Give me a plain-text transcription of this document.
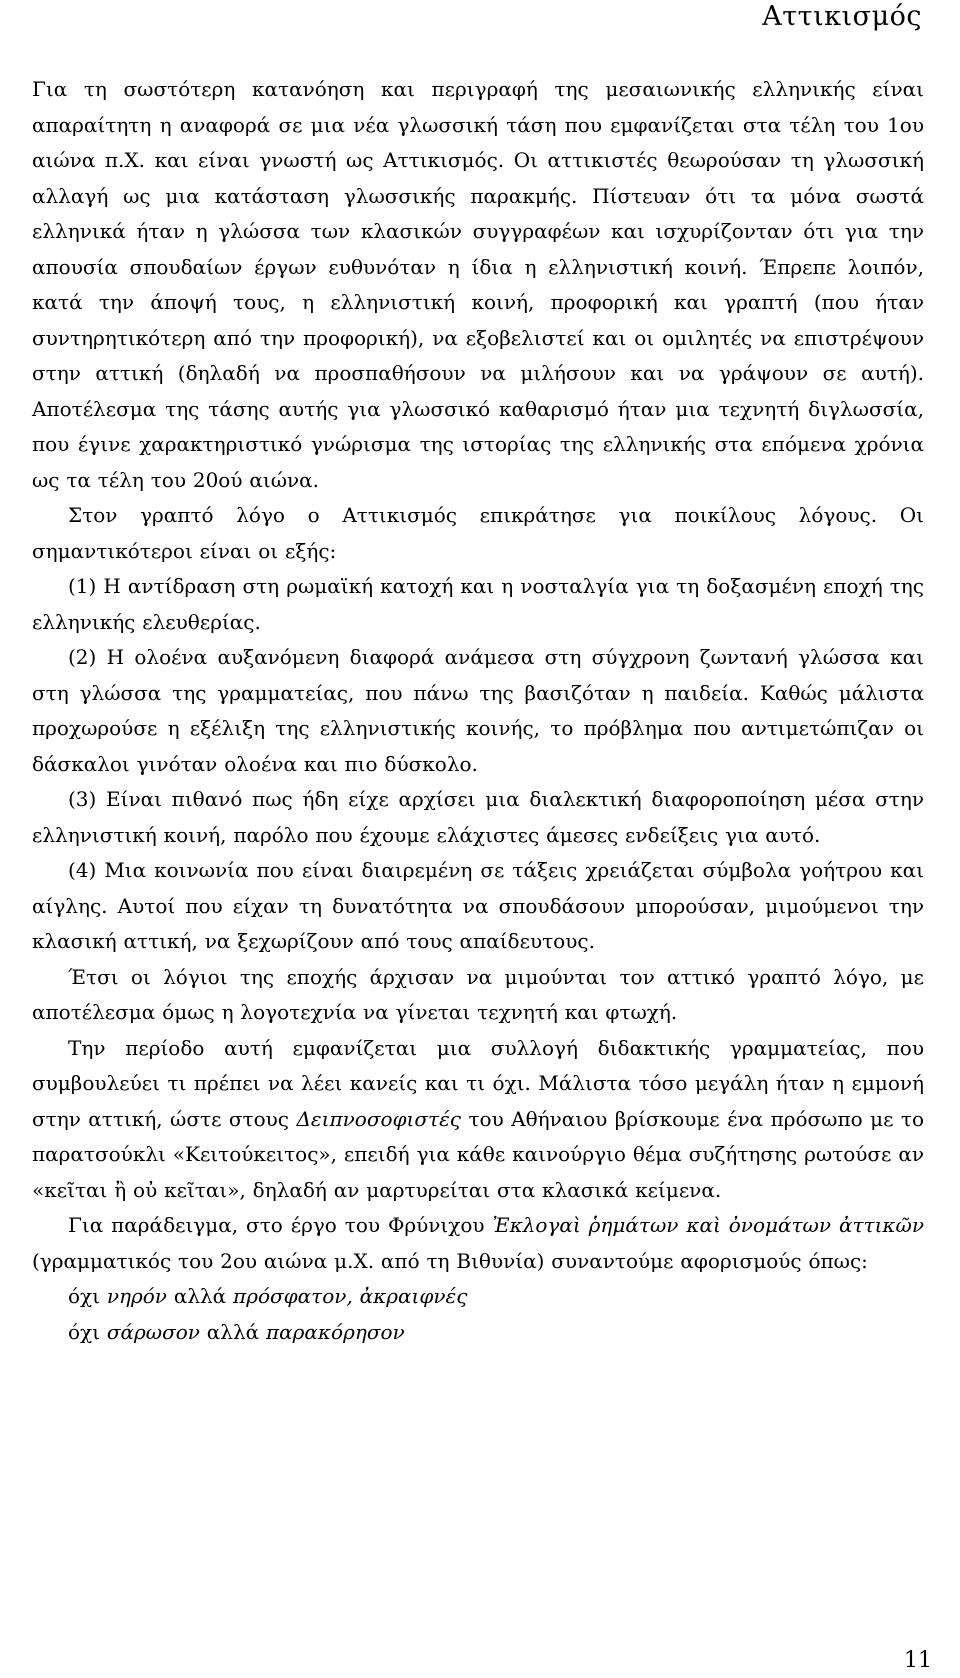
Αττικισμός

Για τη σωστότερη κατανόηση και περιγραφή της μεσαιωνικής ελληνικής είναι απαραίτητη η αναφορά σε μια νέα γλωσσική τάση που εμφανίζεται στα τέλη του 1ου αιώνα π.Χ. και είναι γνωστή ως Αττικισμός. Οι αττικιστές θεωρούσαν τη γλωσσική αλλαγή ως μια κατάσταση γλωσσικής παρακμής. Πίστευαν ότι τα μόνα σωστά ελληνικά ήταν η γλώσσα των κλασικών συγγραφέων και ισχυρίζονταν ότι για την απουσία σπουδαίων έργων ευθυνόταν η ίδια η ελληνιστική κοινή. Έπρεπε λοιπόν, κατά την άποψή τους, η ελληνιστική κοινή, προφορική και γραπτή (που ήταν συντηρητικότερη από την προφορική), να εξοβελιστεί και οι ομιλητές να επιστρέψουν στην αττική (δηλαδή να προσπαθήσουν να μιλήσουν και να γράψουν σε αυτή). Αποτέλεσμα της τάσης αυτής για γλωσσικό καθαρισμό ήταν μια τεχνητή διγλωσσία, που έγινε χαρακτηριστικό γνώρισμα της ιστορίας της ελληνικής στα επόμενα χρόνια ως τα τέλη του 20ού αιώνα.

Στον γραπτό λόγο ο Αττικισμός επικράτησε για ποικίλους λόγους. Οι σημαντικότεροι είναι οι εξής:

(1) Η αντίδραση στη ρωμαϊκή κατοχή και η νοσταλγία για τη δοξασμένη εποχή της ελληνικής ελευθερίας.

(2) Η ολοένα αυξανόμενη διαφορά ανάμεσα στη σύγχρονη ζωντανή γλώσσα και στη γλώσσα της γραμματείας, που πάνω της βασιζόταν η παιδεία. Καθώς μάλιστα προχωρούσε η εξέλιξη της ελληνιστικής κοινής, το πρόβλημα που αντιμετώπιζαν οι δάσκαλοι γινόταν ολοένα και πιο δύσκολο.

(3) Είναι πιθανό πως ήδη είχε αρχίσει μια διαλεκτική διαφοροποίηση μέσα στην ελληνιστική κοινή, παρόλο που έχουμε ελάχιστες άμεσες ενδείξεις για αυτό.

(4) Μια κοινωνία που είναι διαιρεμένη σε τάξεις χρειάζεται σύμβολα γοήτρου και αίγλης. Αυτοί που είχαν τη δυνατότητα να σπουδάσουν μπορούσαν, μιμούμενοι την κλασική αττική, να ξεχωρίζουν από τους απαίδευτους.

Έτσι οι λόγιοι της εποχής άρχισαν να μιμούνται τον αττικό γραπτό λόγο, με αποτέλεσμα όμως η λογοτεχνία να γίνεται τεχνητή και φτωχή.

Την περίοδο αυτή εμφανίζεται μια συλλογή διδακτικής γραμματείας, που συμβουλεύει τι πρέπει να λέει κανείς και τι όχι. Μάλιστα τόσο μεγάλη ήταν η εμμονή στην αττική, ώστε στους Δειπνοσοφιστές του Αθήναιου βρίσκουμε ένα πρόσωπο με το παρατσούκλι «Κειτούκειτος», επειδή για κάθε καινούργιο θέμα συζήτησης ρωτούσε αν «κεῖται ἢ οὐ κεῖται», δηλαδή αν μαρτυρείται στα κλασικά κείμενα.

Για παράδειγμα, στο έργο του Φρύνιχου Ἐκλογαὶ ῥημάτων καὶ ὀνομάτων ἀττικῶν (γραμματικός του 2ου αιώνα μ.Χ. από τη Βιθυνία) συναντούμε αφορισμούς όπως:

όχι νηρόν αλλά πρόσφατον, ἀκραιφνές

όχι σάρωσον αλλά παρακόρησον

11
